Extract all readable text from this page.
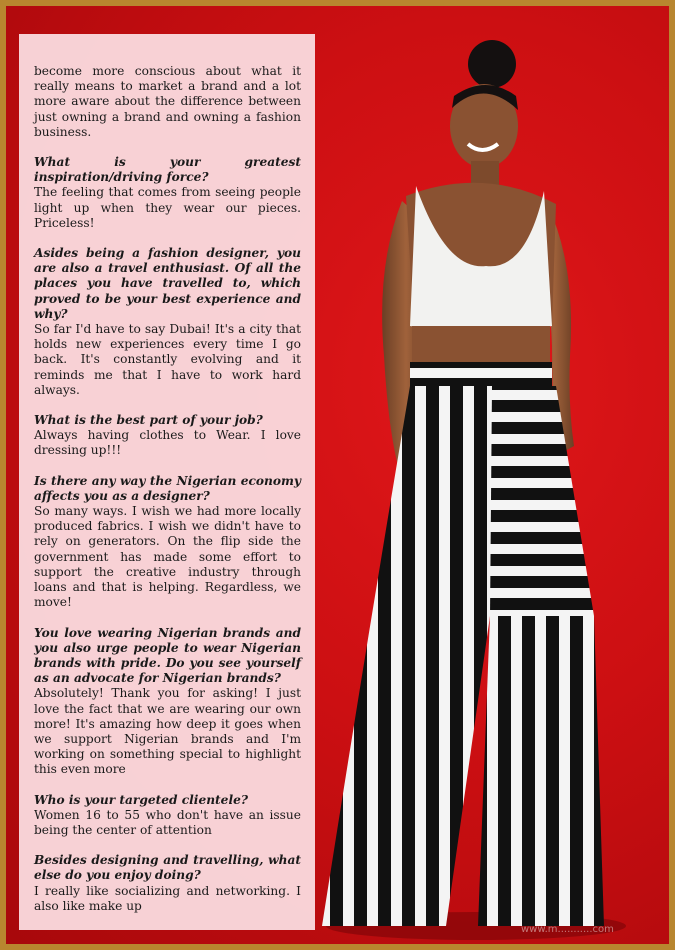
become more conscious about what it really means to market a brand and a lot more aware about the difference between just owning a brand and owning a fashion business.

What is your greatest inspiration/driving force?

The feeling that comes from seeing people light up when they wear our pieces. Priceless!

Asides being a fashion designer, you are also a travel enthusiast. Of all the places you have travelled to, which proved to be your best experience and why?

So far I'd have to say Dubai! It's a city that holds new experiences every time I go back. It's constantly evolving and it reminds me that I have to work hard always.

What is the best part of your job?

Always having clothes to Wear. I love dressing up!!!

Is there any way the Nigerian economy affects you as a designer?

So many ways. I wish we had more locally produced fabrics. I wish we didn't have to rely on generators. On the flip side the government has made some effort to support the creative industry through loans and that is helping. Regardless, we move!

You love wearing Nigerian brands and you also urge people to wear Nigerian brands with pride. Do you see yourself as an advocate for Nigerian brands?

Absolutely! Thank you for asking! I just love the fact that we are wearing our own more! It's amazing how deep it goes when we support Nigerian brands and I'm working on something special to highlight this even more

Who is your targeted clientele?

Women 16 to 55 who don't have an issue being the center of attention

Besides designing and travelling, what else do you enjoy doing?

I really like socializing and networking. I also like make up

www.m...........com
